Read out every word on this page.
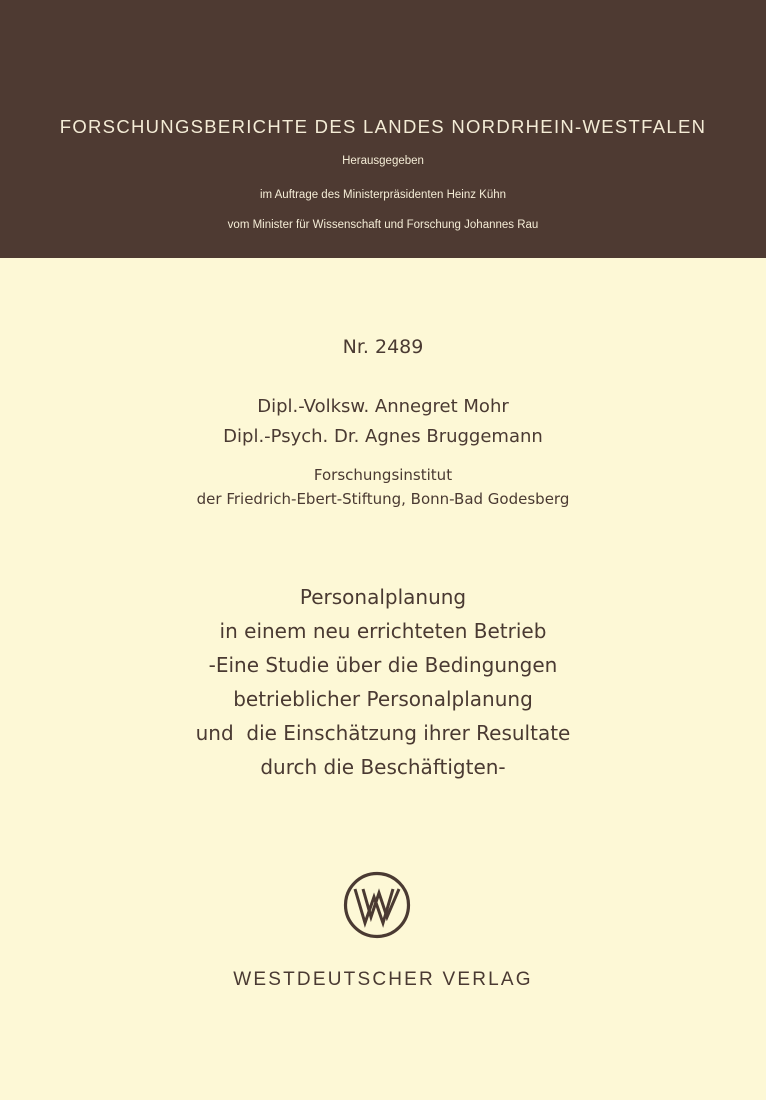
FORSCHUNGSBERICHTE DES LANDES NORDRHEIN-WESTFALEN
Herausgegeben
im Auftrage des Ministerpräsidenten Heinz Kühn
vom Minister für Wissenschaft und Forschung Johannes Rau
Nr. 2489
Dipl.-Volksw. Annegret Mohr
Dipl.-Psych. Dr. Agnes Bruggemann
Forschungsinstitut
der Friedrich-Ebert-Stiftung, Bonn-Bad Godesberg
Personalplanung
in einem neu errichteten Betrieb
-Eine Studie über die Bedingungen
betrieblicher Personalplanung
und  die Einschätzung ihrer Resultate
durch die Beschäftigten-
WESTDEUTSCHER VERLAG
